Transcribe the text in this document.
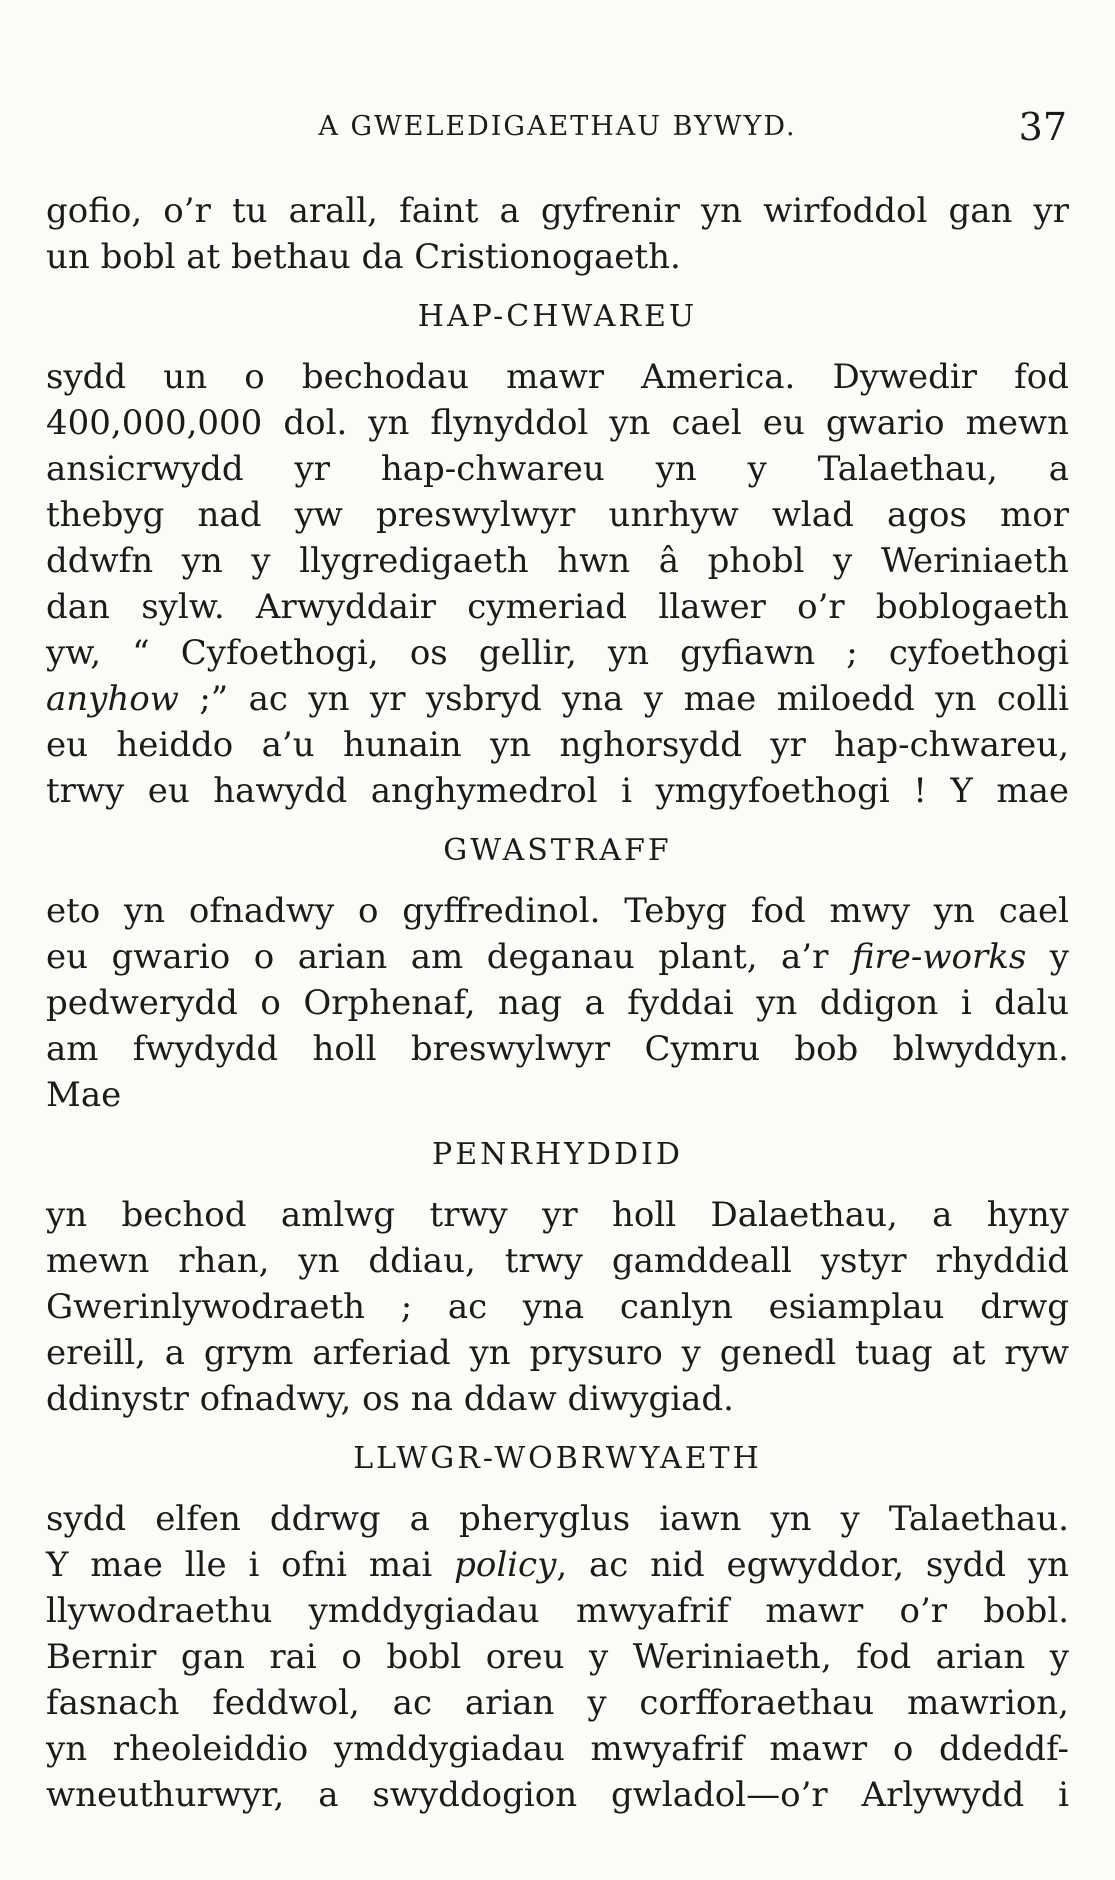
A GWELEDIGAETHAU BYWYD.	37
gofio, o’r tu arall, faint a gyfrenir yn wirfoddol gan yr
un bobl at bethau da Cristionogaeth.
HAP-CHWAREU
sydd un o bechodau mawr America. Dywedir fod
400,000,000 dol. yn flynyddol yn cael eu gwario mewn
ansicrwydd yr hap-chwareu yn y Talaethau, a
thebyg nad yw preswylwyr unrhyw wlad agos mor
ddwfn yn y llygredigaeth hwn â phobl y Weriniaeth
dan sylw. Arwyddair cymeriad llawer o’r boblogaeth
yw, “ Cyfoethogi, os gellir, yn gyfiawn ; cyfoethogi
anyhow ;” ac yn yr ysbryd yna y mae miloedd yn colli
eu heiddo a’u hunain yn nghorsydd yr hap-chwareu,
trwy eu hawydd anghymedrol i ymgyfoethogi ! Y mae
GWASTRAFF
eto yn ofnadwy o gyffredinol. Tebyg fod mwy yn cael
eu gwario o arian am deganau plant, a’r fire-works y
pedwerydd o Orphenaf, nag a fyddai yn ddigon i dalu
am fwydydd holl breswylwyr Cymru bob blwyddyn.
Mae
PENRHYDDID
yn bechod amlwg trwy yr holl Dalaethau, a hyny
mewn rhan, yn ddiau, trwy gamddeall ystyr rhyddid
Gwerinlywodraeth ; ac yna canlyn esiamplau drwg
ereill, a grym arferiad yn prysuro y genedl tuag at ryw
ddinystr ofnadwy, os na ddaw diwygiad.
LLWGR-WOBRWYAETH
sydd elfen ddrwg a pheryglus iawn yn y Talaethau.
Y mae lle i ofni mai policy, ac nid egwyddor, sydd yn
llywodraethu ymddygiadau mwyafrif mawr o’r bobl.
Bernir gan rai o bobl oreu y Weriniaeth, fod arian y
fasnach feddwol, ac arian y corfforaethau mawrion,
yn rheoleiddio ymddygiadau mwyafrif mawr o ddeddf-
wneuthurwyr, a swyddogion gwladol—o’r Arlywydd i
